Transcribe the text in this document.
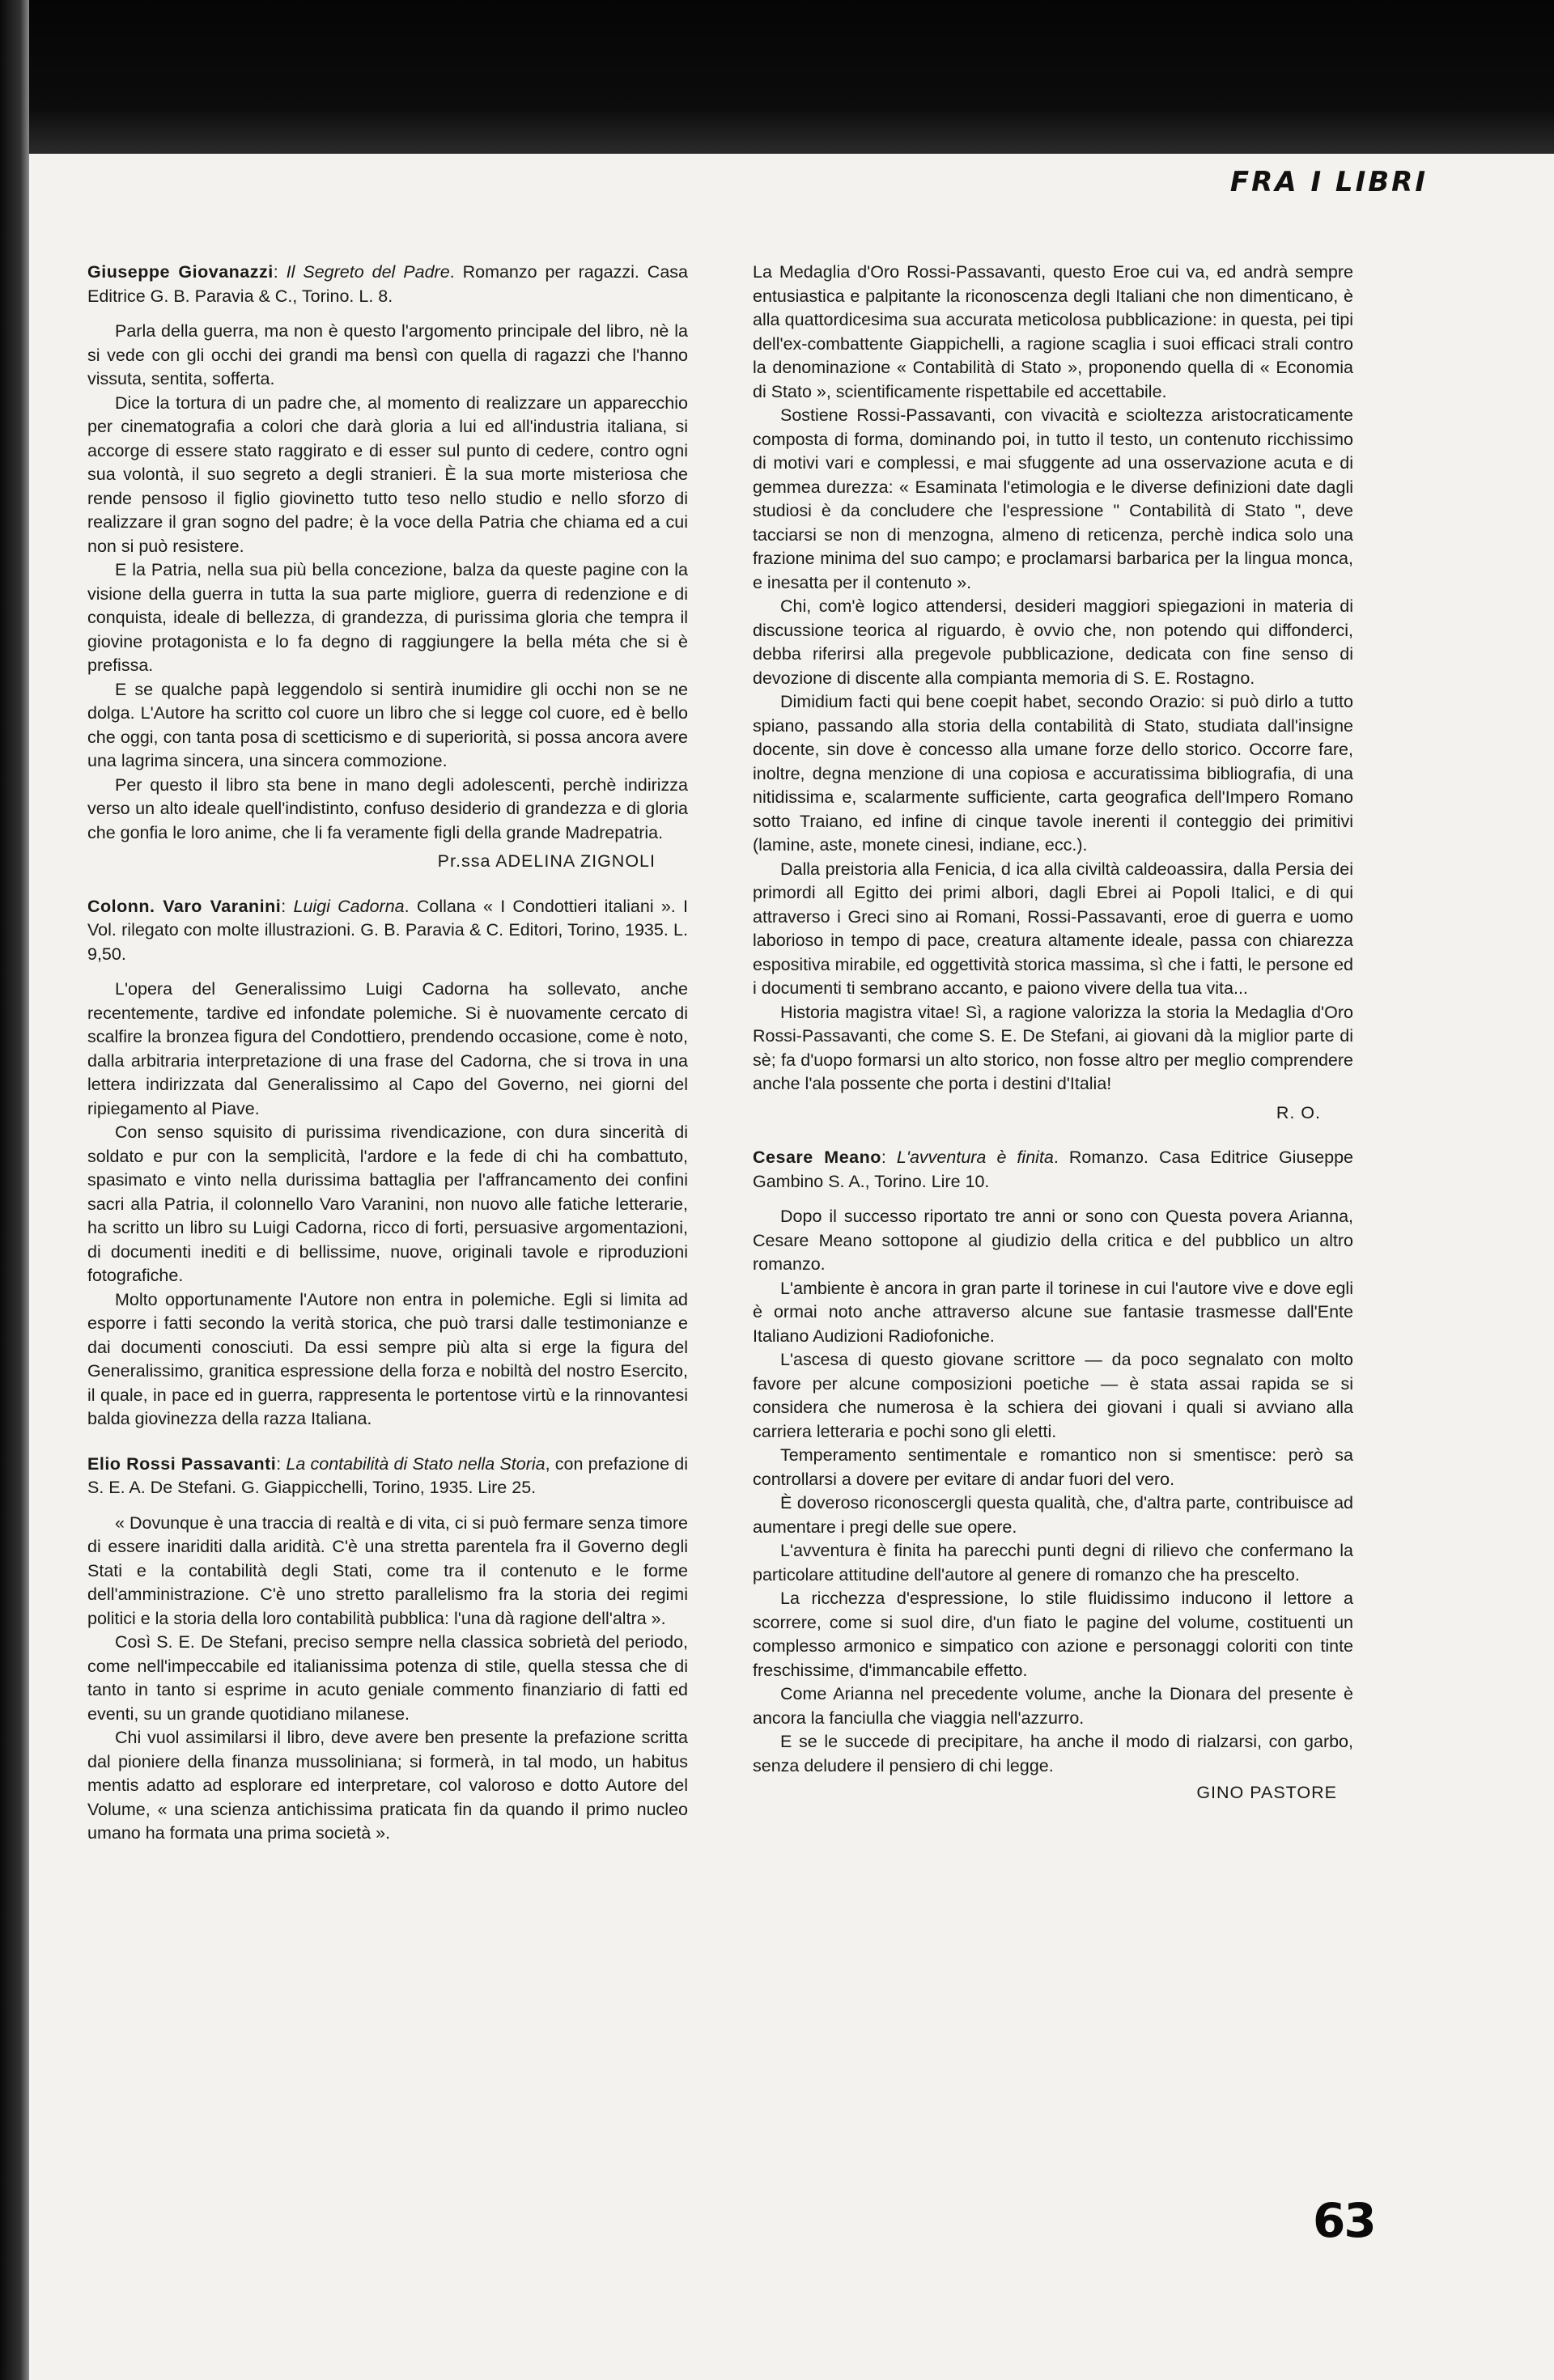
FRA I LIBRI

Giuseppe Giovanazzi: Il Segreto del Padre. Romanzo per ragazzi. Casa Editrice G. B. Paravia & C., Torino. L. 8.

Parla della guerra, ma non è questo l'argomento principale del libro, nè la si vede con gli occhi dei grandi ma bensì con quella di ragazzi che l'hanno vissuta, sentita, sofferta.

Dice la tortura di un padre che, al momento di realizzare un apparecchio per cinematografia a colori che darà gloria a lui ed all'industria italiana, si accorge di essere stato raggirato e di esser sul punto di cedere, contro ogni sua volontà, il suo segreto a degli stranieri. È la sua morte misteriosa che rende pensoso il figlio giovinetto tutto teso nello studio e nello sforzo di realizzare il gran sogno del padre; è la voce della Patria che chiama ed a cui non si può resistere.

E la Patria, nella sua più bella concezione, balza da queste pagine con la visione della guerra in tutta la sua parte migliore, guerra di redenzione e di conquista, ideale di bellezza, di grandezza, di purissima gloria che tempra il giovine protagonista e lo fa degno di raggiungere la bella méta che si è prefissa.

E se qualche papà leggendolo si sentirà inumidire gli occhi non se ne dolga. L'Autore ha scritto col cuore un libro che si legge col cuore, ed è bello che oggi, con tanta posa di scetticismo e di superiorità, si possa ancora avere una lagrima sincera, una sincera commozione.

Per questo il libro sta bene in mano degli adolescenti, perchè indirizza verso un alto ideale quell'indistinto, confuso desiderio di grandezza e di gloria che gonfia le loro anime, che li fa veramente figli della grande Madrepatria.

Pr.ssa ADELINA ZIGNOLI

Colonn. Varo Varanini: Luigi Cadorna. Collana « I Condottieri italiani ». I Vol. rilegato con molte illustrazioni. G. B. Paravia & C. Editori, Torino, 1935. L. 9,50.

L'opera del Generalissimo Luigi Cadorna ha sollevato, anche recentemente, tardive ed infondate polemiche. Si è nuovamente cercato di scalfire la bronzea figura del Condottiero, prendendo occasione, come è noto, dalla arbitraria interpretazione di una frase del Cadorna, che si trova in una lettera indirizzata dal Generalissimo al Capo del Governo, nei giorni del ripiegamento al Piave.

Con senso squisito di purissima rivendicazione, con dura sincerità di soldato e pur con la semplicità, l'ardore e la fede di chi ha combattuto, spasimato e vinto nella durissima battaglia per l'affrancamento dei confini sacri alla Patria, il colonnello Varo Varanini, non nuovo alle fatiche letterarie, ha scritto un libro su Luigi Cadorna, ricco di forti, persuasive argomentazioni, di documenti inediti e di bellissime, nuove, originali tavole e riproduzioni fotografiche.

Molto opportunamente l'Autore non entra in polemiche. Egli si limita ad esporre i fatti secondo la verità storica, che può trarsi dalle testimonianze e dai documenti conosciuti. Da essi sempre più alta si erge la figura del Generalissimo, granitica espressione della forza e nobiltà del nostro Esercito, il quale, in pace ed in guerra, rappresenta le portentose virtù e la rinnovantesi balda giovinezza della razza Italiana.

Elio Rossi Passavanti: La contabilità di Stato nella Storia, con prefazione di S. E. A. De Stefani. G. Giappicchelli, Torino, 1935. Lire 25.

« Dovunque è una traccia di realtà e di vita, ci si può fermare senza timore di essere inariditi dalla aridità. C'è una stretta parentela fra il Governo degli Stati e la contabilità degli Stati, come tra il contenuto e le forme dell'amministrazione. C'è uno stretto parallelismo fra la storia dei regimi politici e la storia della loro contabilità pubblica: l'una dà ragione dell'altra ».

Così S. E. De Stefani, preciso sempre nella classica sobrietà del periodo, come nell'impeccabile ed italianissima potenza di stile, quella stessa che di tanto in tanto si esprime in acuto geniale commento finanziario di fatti ed eventi, su un grande quotidiano milanese.

Chi vuol assimilarsi il libro, deve avere ben presente la prefazione scritta dal pioniere della finanza mussoliniana; si formerà, in tal modo, un habitus mentis adatto ad esplorare ed interpretare, col valoroso e dotto Autore del Volume, « una scienza antichissima praticata fin da quando il primo nucleo umano ha formata una prima società ».

La Medaglia d'Oro Rossi-Passavanti, questo Eroe cui va, ed andrà sempre entusiastica e palpitante la riconoscenza degli Italiani che non dimenticano, è alla quattordicesima sua accurata meticolosa pubblicazione: in questa, pei tipi dell'ex-combattente Giappichelli, a ragione scaglia i suoi efficaci strali contro la denominazione « Contabilità di Stato », proponendo quella di « Economia di Stato », scientificamente rispettabile ed accettabile.

Sostiene Rossi-Passavanti, con vivacità e scioltezza aristocraticamente composta di forma, dominando poi, in tutto il testo, un contenuto ricchissimo di motivi vari e complessi, e mai sfuggente ad una osservazione acuta e di gemmea durezza: « Esaminata l'etimologia e le diverse definizioni date dagli studiosi è da concludere che l'espressione " Contabilità di Stato ", deve tacciarsi se non di menzogna, almeno di reticenza, perchè indica solo una frazione minima del suo campo; e proclamarsi barbarica per la lingua monca, e inesatta per il contenuto ».

Chi, com'è logico attendersi, desideri maggiori spiegazioni in materia di discussione teorica al riguardo, è ovvio che, non potendo qui diffonderci, debba riferirsi alla pregevole pubblicazione, dedicata con fine senso di devozione di discente alla compianta memoria di S. E. Rostagno.

Dimidium facti qui bene coepit habet, secondo Orazio: si può dirlo a tutto spiano, passando alla storia della contabilità di Stato, studiata dall'insigne docente, sin dove è concesso alla umane forze dello storico. Occorre fare, inoltre, degna menzione di una copiosa e accuratissima bibliografia, di una nitidissima e, scalarmente sufficiente, carta geografica dell'Impero Romano sotto Traiano, ed infine di cinque tavole inerenti il conteggio dei primitivi (lamine, aste, monete cinesi, indiane, ecc.).

Dalla preistoria alla Fenicia, d ica alla civiltà caldeoassira, dalla Persia dei primordi all Egitto dei primi albori, dagli Ebrei ai Popoli Italici, e di qui attraverso i Greci sino ai Romani, Rossi-Passavanti, eroe di guerra e uomo laborioso in tempo di pace, creatura altamente ideale, passa con chiarezza espositiva mirabile, ed oggettività storica massima, sì che i fatti, le persone ed i documenti ti sembrano accanto, e paiono vivere della tua vita...

Historia magistra vitae! Sì, a ragione valorizza la storia la Medaglia d'Oro Rossi-Passavanti, che come S. E. De Stefani, ai giovani dà la miglior parte di sè; fa d'uopo formarsi un alto storico, non fosse altro per meglio comprendere anche l'ala possente che porta i destini d'Italia!

R. O.

Cesare Meano: L'avventura è finita. Romanzo. Casa Editrice Giuseppe Gambino S. A., Torino. Lire 10.

Dopo il successo riportato tre anni or sono con Questa povera Arianna, Cesare Meano sottopone al giudizio della critica e del pubblico un altro romanzo.

L'ambiente è ancora in gran parte il torinese in cui l'autore vive e dove egli è ormai noto anche attraverso alcune sue fantasie trasmesse dall'Ente Italiano Audizioni Radiofoniche.

L'ascesa di questo giovane scrittore — da poco segnalato con molto favore per alcune composizioni poetiche — è stata assai rapida se si considera che numerosa è la schiera dei giovani i quali si avviano alla carriera letteraria e pochi sono gli eletti.

Temperamento sentimentale e romantico non si smentisce: però sa controllarsi a dovere per evitare di andar fuori del vero.

È doveroso riconoscergli questa qualità, che, d'altra parte, contribuisce ad aumentare i pregi delle sue opere.

L'avventura è finita ha parecchi punti degni di rilievo che confermano la particolare attitudine dell'autore al genere di romanzo che ha prescelto.

La ricchezza d'espressione, lo stile fluidissimo inducono il lettore a scorrere, come si suol dire, d'un fiato le pagine del volume, costituenti un complesso armonico e simpatico con azione e personaggi coloriti con tinte freschissime, d'immancabile effetto.

Come Arianna nel precedente volume, anche la Dionara del presente è ancora la fanciulla che viaggia nell'azzurro.

E se le succede di precipitare, ha anche il modo di rialzarsi, con garbo, senza deludere il pensiero di chi legge.

GINO PASTORE

63
